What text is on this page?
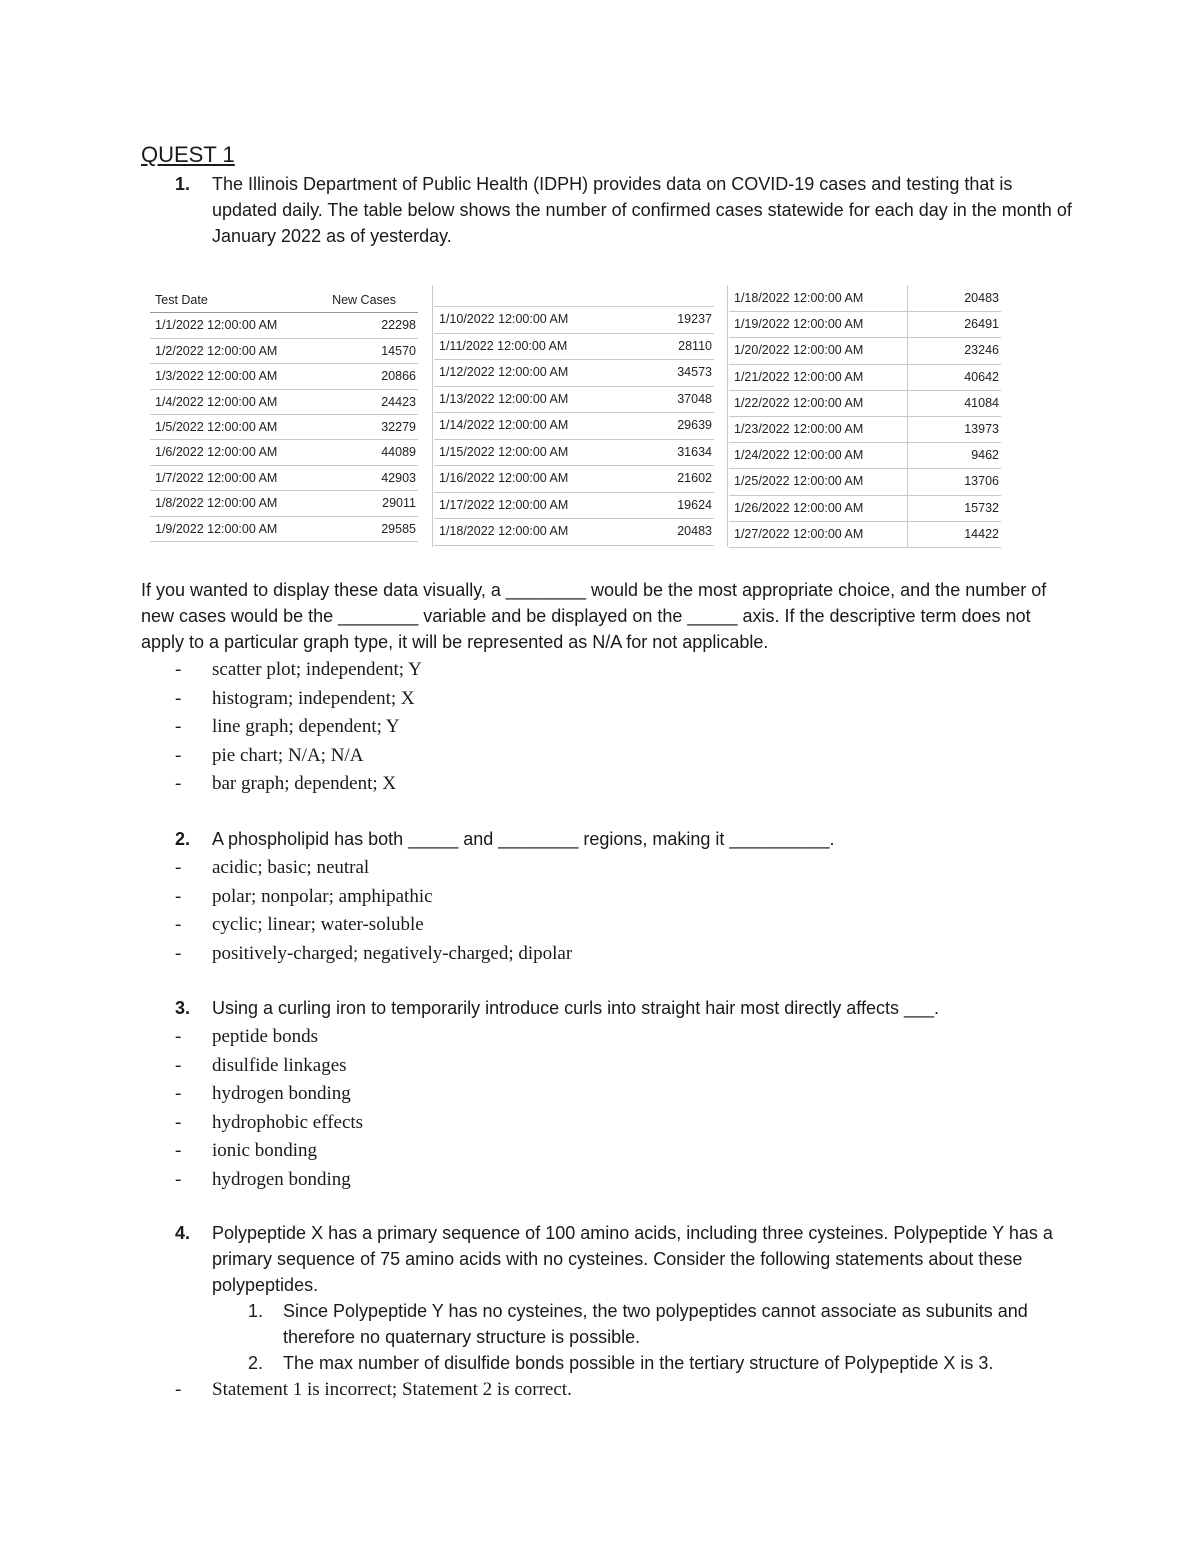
QUEST 1
1. The Illinois Department of Public Health (IDPH) provides data on COVID-19 cases and testing that is updated daily. The table below shows the number of confirmed cases statewide for each day in the month of January 2022 as of yesterday.
Test Date	New Cases
1/1/2022 12:00:00 AM	22298
1/2/2022 12:00:00 AM	14570
1/3/2022 12:00:00 AM	20866
1/4/2022 12:00:00 AM	24423
1/5/2022 12:00:00 AM	32279
1/6/2022 12:00:00 AM	44089
1/7/2022 12:00:00 AM	42903
1/8/2022 12:00:00 AM	29011
1/9/2022 12:00:00 AM	29585
1/10/2022 12:00:00 AM	19237
1/11/2022 12:00:00 AM	28110
1/12/2022 12:00:00 AM	34573
1/13/2022 12:00:00 AM	37048
1/14/2022 12:00:00 AM	29639
1/15/2022 12:00:00 AM	31634
1/16/2022 12:00:00 AM	21602
1/17/2022 12:00:00 AM	19624
1/18/2022 12:00:00 AM	20483
1/18/2022 12:00:00 AM	20483
1/19/2022 12:00:00 AM	26491
1/20/2022 12:00:00 AM	23246
1/21/2022 12:00:00 AM	40642
1/22/2022 12:00:00 AM	41084
1/23/2022 12:00:00 AM	13973
1/24/2022 12:00:00 AM	9462
1/25/2022 12:00:00 AM	13706
1/26/2022 12:00:00 AM	15732
1/27/2022 12:00:00 AM	14422
If you wanted to display these data visually, a ________ would be the most appropriate choice, and the number of new cases would be the ________ variable and be displayed on the _____ axis. If the descriptive term does not apply to a particular graph type, it will be represented as N/A for not applicable.
- scatter plot; independent; Y
- histogram; independent; X
- line graph; dependent; Y
- pie chart; N/A; N/A
- bar graph; dependent; X
2. A phospholipid has both _____ and ________ regions, making it __________.
- acidic; basic; neutral
- polar; nonpolar; amphipathic
- cyclic; linear; water-soluble
- positively-charged; negatively-charged; dipolar
3. Using a curling iron to temporarily introduce curls into straight hair most directly affects ___.
- peptide bonds
- disulfide linkages
- hydrogen bonding
- hydrophobic effects
- ionic bonding
- hydrogen bonding
4. Polypeptide X has a primary sequence of 100 amino acids, including three cysteines. Polypeptide Y has a primary sequence of 75 amino acids with no cysteines. Consider the following statements about these polypeptides.
1. Since Polypeptide Y has no cysteines, the two polypeptides cannot associate as subunits and therefore no quaternary structure is possible.
2. The max number of disulfide bonds possible in the tertiary structure of Polypeptide X is 3.
- Statement 1 is incorrect; Statement 2 is correct.
